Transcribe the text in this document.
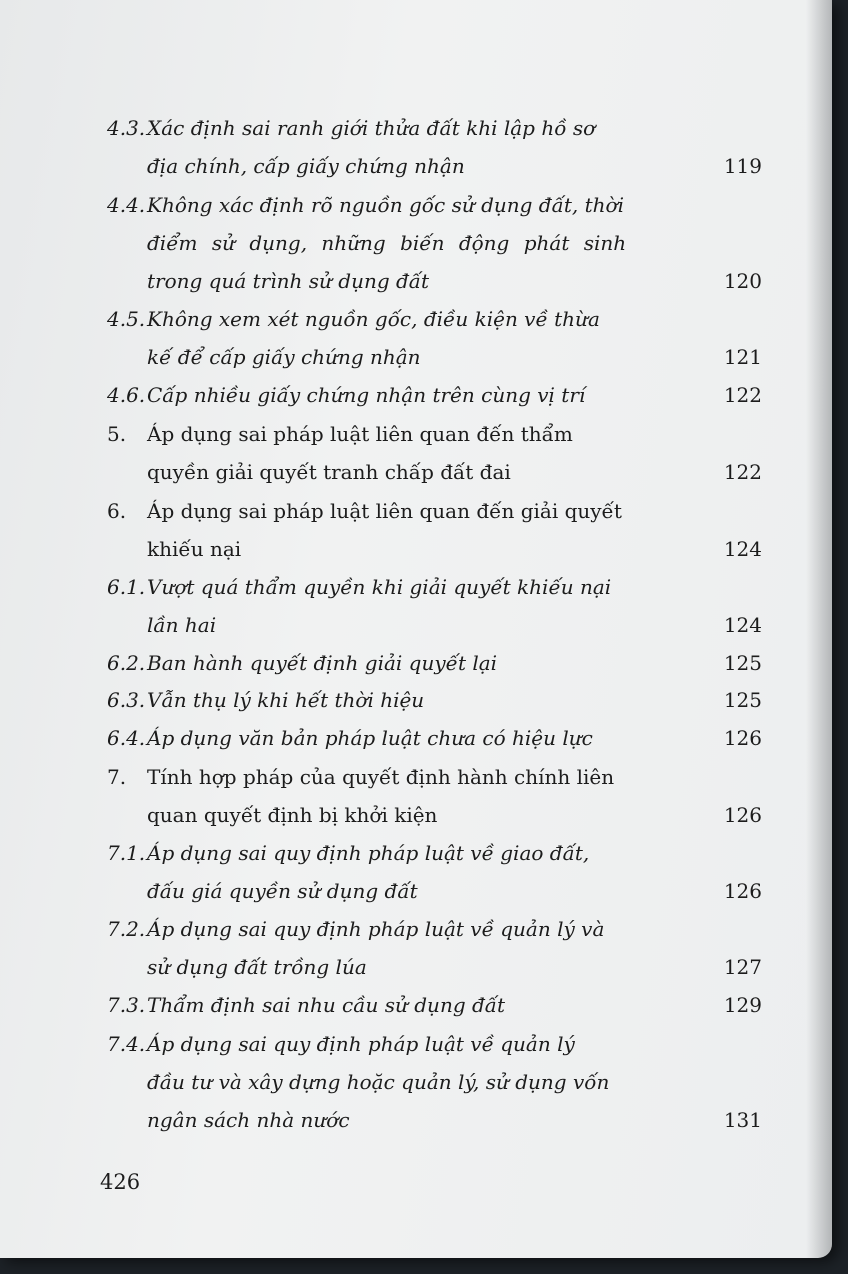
4.3. Xác định sai ranh giới thửa đất khi lập hồ sơ
địa chính, cấp giấy chứng nhận	119
4.4. Không xác định rõ nguồn gốc sử dụng đất, thời
điểm sử dụng, những biến động phát sinh
trong quá trình sử dụng đất	120
4.5. Không xem xét nguồn gốc, điều kiện về thừa
kế để cấp giấy chứng nhận	121
4.6. Cấp nhiều giấy chứng nhận trên cùng vị trí	122
5. Áp dụng sai pháp luật liên quan đến thẩm
quyền giải quyết tranh chấp đất đai	122
6. Áp dụng sai pháp luật liên quan đến giải quyết
khiếu nại	124
6.1. Vượt quá thẩm quyền khi giải quyết khiếu nại
lần hai	124
6.2. Ban hành quyết định giải quyết lại	125
6.3. Vẫn thụ lý khi hết thời hiệu	125
6.4. Áp dụng văn bản pháp luật chưa có hiệu lực	126
7. Tính hợp pháp của quyết định hành chính liên
quan quyết định bị khởi kiện	126
7.1. Áp dụng sai quy định pháp luật về giao đất,
đấu giá quyền sử dụng đất	126
7.2. Áp dụng sai quy định pháp luật về quản lý và
sử dụng đất trồng lúa	127
7.3. Thẩm định sai nhu cầu sử dụng đất	129
7.4. Áp dụng sai quy định pháp luật về quản lý
đầu tư và xây dựng hoặc quản lý, sử dụng vốn
ngân sách nhà nước	131
426
